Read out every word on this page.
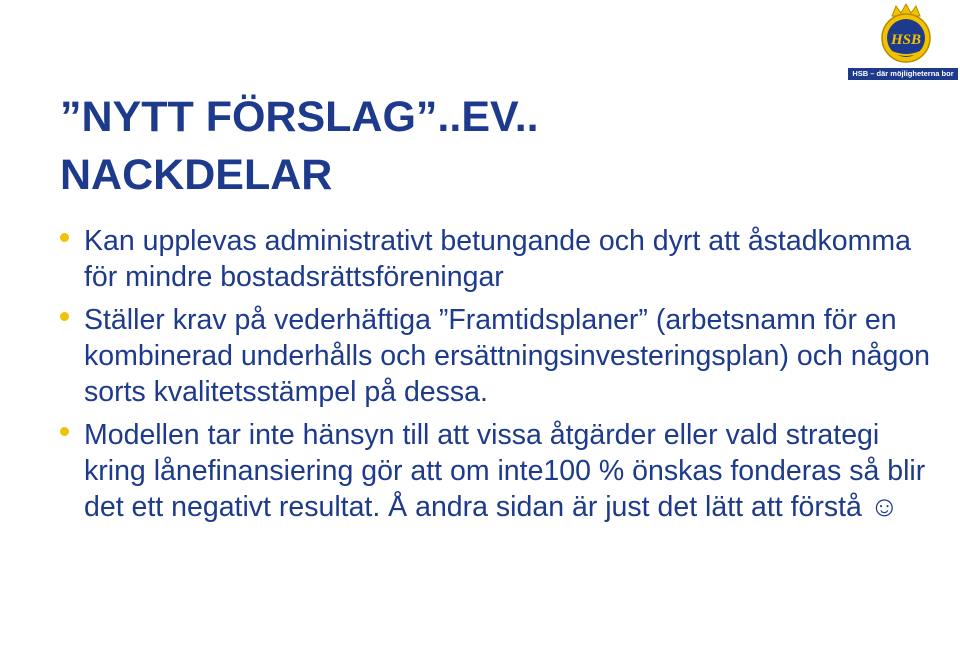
HSB
HSB – där möjligheterna bor
”NYTT FÖRSLAG”..EV..
NACKDELAR
Kan upplevas administrativt betungande och dyrt att åstadkomma för mindre bostadsrättsföreningar
Ställer krav på vederhäftiga ”Framtidsplaner” (arbetsnamn för en kombinerad underhålls och ersättningsinvesteringsplan) och någon sorts kvalitetsstämpel på dessa.
Modellen tar inte hänsyn till att vissa åtgärder eller vald strategi kring lånefinansiering gör att om inte100 % önskas fonderas så blir det ett negativt resultat. Å andra sidan är just det lätt att förstå ☺
